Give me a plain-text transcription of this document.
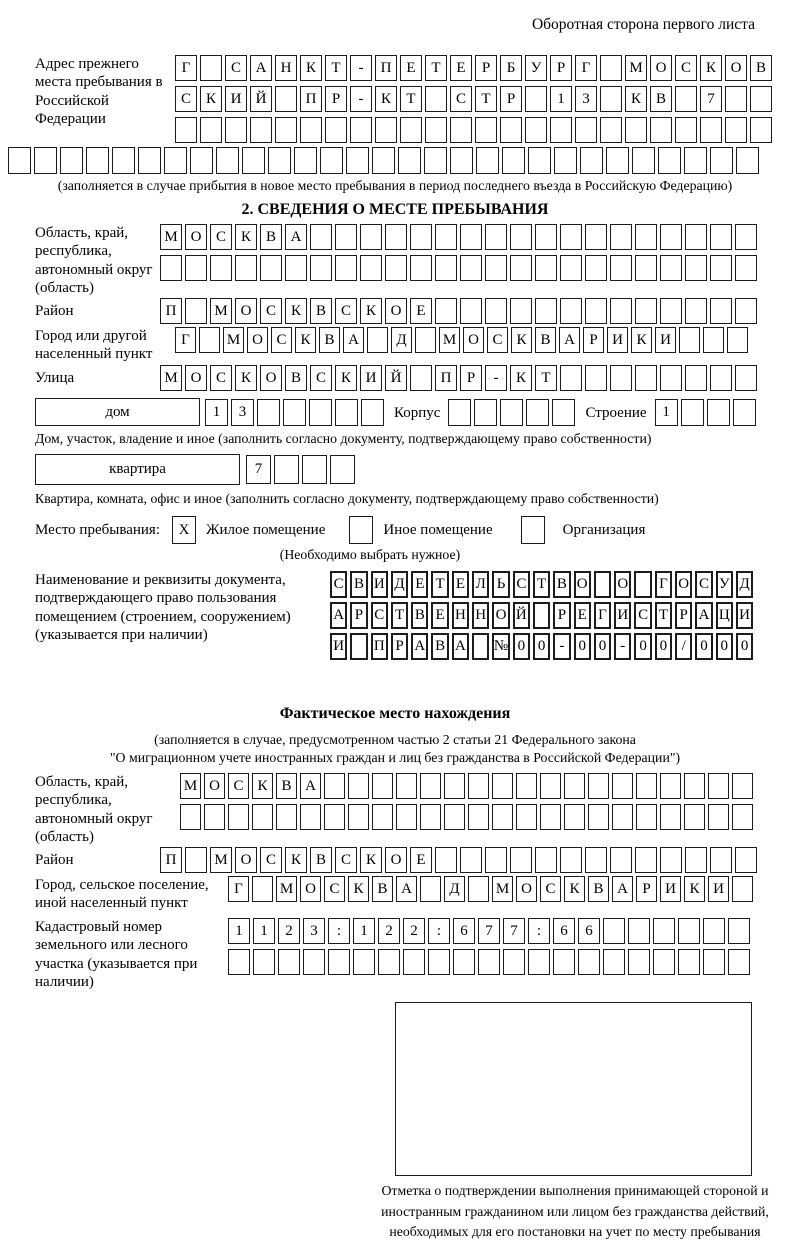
Оборотная сторона первого листа
Адрес прежнего места пребывания в Российской Федерации
Г	С А Н К	Т	-	П Е	Т	Е	Р	Б	У	Р	Г	М О С К О В
С К И Й	П	Р	-	К	Т	С	Т	Р	1	3	К В	7
(заполняется в случае прибытия в новое место пребывания в период последнего въезда в Российскую Федерацию)
2. СВЕДЕНИЯ О МЕСТЕ ПРЕБЫВАНИЯ
Область, край, республика, автономный округ (область)
М О С К В А
Район	П	М О С К В С К О Е
Город или другой населенный пункт
Г	М О С К В А	Д	М О С К В А Р И К И
Улица	М О С К О В С К И Й	П	Р	-	К	Т
дом	1	3	Корпус	Строение	1
Дом, участок, владение и иное (заполнить согласно документу, подтверждающему право собственности)
квартира	7
Квартира, комната, офис и иное (заполнить согласно документу, подтверждающему право собственности)
Место пребывания:	X	Жилое помещение	Иное помещение	Организация
(Необходимо выбрать нужное)
Наименование и реквизиты документа, подтверждающего право пользования помещением (строением, сооружением) (указывается при наличии)
С В И Д Е Т Е Л Ь С Т В О О Г О С У Д
А Р С Т В Е Н Н О Й Р Е Г И С Т Р А Ц И
И П Р А В А № 0 0 - 0 0 - 0 0 / 0 0 0
Фактическое место нахождения
(заполняется в случае, предусмотренном частью 2 статьи 21 Федерального закона
"О миграционном учете иностранных граждан и лиц без гражданства в Российской Федерации")
Область, край, республика, автономный округ (область)
М О С К В А
Район	П	М О С К В С К О Е
Город, сельское поселение, иной населенный пункт
Г	М О С К В А	Д	М О С К В А Р И К И
Кадастровый номер земельного или лесного участка (указывается при наличии)
1	1	2	3	:	1	2	2	:	6	7	7	:	6	6
Отметка о подтверждении выполнения принимающей стороной и иностранным гражданином или лицом без гражданства действий, необходимых для его постановки на учет по месту пребывания
